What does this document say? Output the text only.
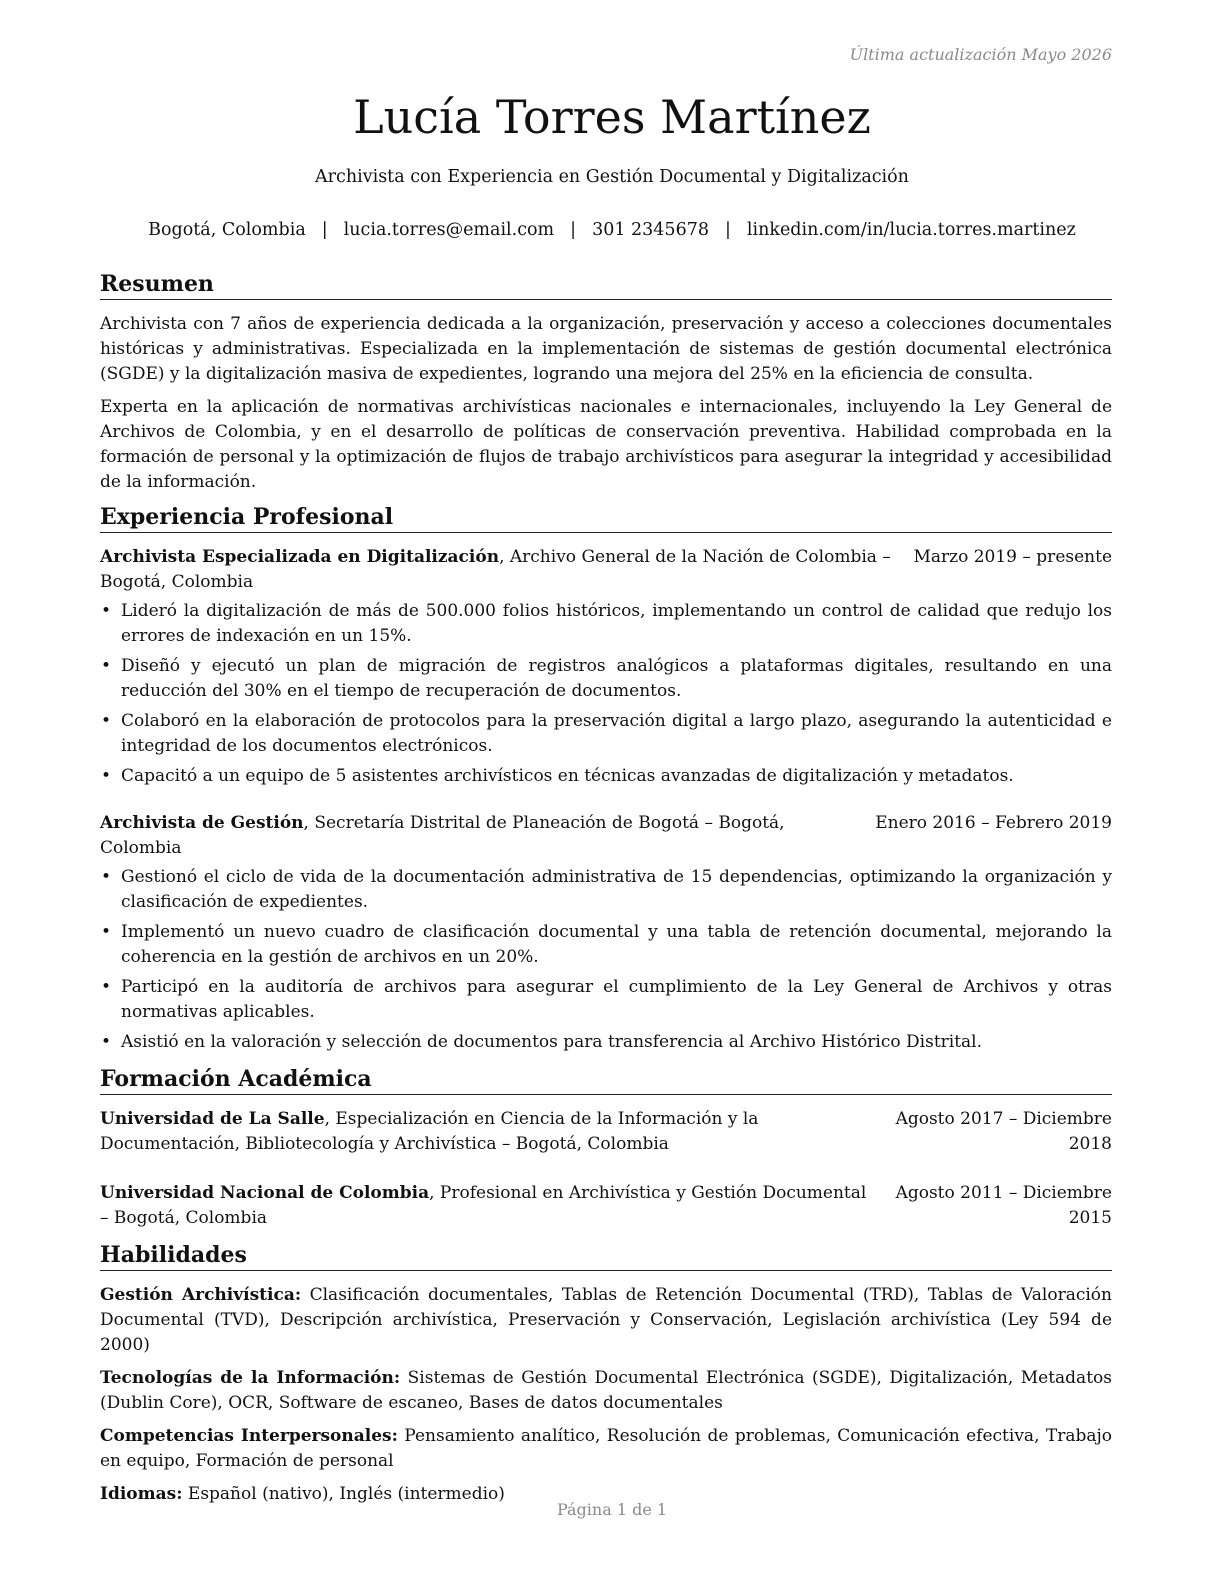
Última actualización Mayo 2026
Lucía Torres Martínez
Archivista con Experiencia en Gestión Documental y Digitalización
Bogotá, Colombia | lucia.torres@email.com | 301 2345678 | linkedin.com/in/lucia.torres.martinez
Resumen

Archivista con 7 años de experiencia dedicada a la organización, preservación y acceso a colecciones documentales históricas y administrativas. Especializada en la implementación de sistemas de gestión documental electrónica (SGDE) y la digitalización masiva de expedientes, logrando una mejora del 25% en la eficiencia de consulta.

Experta en la aplicación de normativas archivísticas nacionales e internacionales, incluyendo la Ley General de Archivos de Colombia, y en el desarrollo de políticas de conservación preventiva. Habilidad comprobada en la formación de personal y la optimización de flujos de trabajo archivísticos para asegurar la integridad y accesibilidad de la información.

Experiencia Profesional
Archivista Especializada en Digitalización, Archivo General de la Nación de Colombia – Bogotá, Colombia
Marzo 2019 – presente
• Lideró la digitalización de más de 500.000 folios históricos, implementando un control de calidad que redujo los errores de indexación en un 15%.
• Diseñó y ejecutó un plan de migración de registros analógicos a plataformas digitales, resultando en una reducción del 30% en el tiempo de recuperación de documentos.
• Colaboró en la elaboración de protocolos para la preservación digital a largo plazo, asegurando la autenticidad e integridad de los documentos electrónicos.
• Capacitó a un equipo de 5 asistentes archivísticos en técnicas avanzadas de digitalización y metadatos.
Archivista de Gestión, Secretaría Distrital de Planeación de Bogotá – Bogotá, Colombia
Enero 2016 – Febrero 2019
• Gestionó el ciclo de vida de la documentación administrativa de 15 dependencias, optimizando la organización y clasificación de expedientes.
• Implementó un nuevo cuadro de clasificación documental y una tabla de retención documental, mejorando la coherencia en la gestión de archivos en un 20%.
• Participó en la auditoría de archivos para asegurar el cumplimiento de la Ley General de Archivos y otras normativas aplicables.
• Asistió en la valoración y selección de documentos para transferencia al Archivo Histórico Distrital.
Formación Académica
Universidad de La Salle, Especialización en Ciencia de la Información y la Documentación, Bibliotecología y Archivística – Bogotá, Colombia
Agosto 2017 – Diciembre 2018
Universidad Nacional de Colombia, Profesional en Archivística y Gestión Documental – Bogotá, Colombia
Agosto 2011 – Diciembre 2015
Habilidades
Gestión Archivística: Clasificación documentales, Tablas de Retención Documental (TRD), Tablas de Valoración Documental (TVD), Descripción archivística, Preservación y Conservación, Legislación archivística (Ley 594 de 2000)
Tecnologías de la Información: Sistemas de Gestión Documental Electrónica (SGDE), Digitalización, Metadatos (Dublin Core), OCR, Software de escaneo, Bases de datos documentales
Competencias Interpersonales: Pensamiento analítico, Resolución de problemas, Comunicación efectiva, Trabajo en equipo, Formación de personal
Idiomas: Español (nativo), Inglés (intermedio)
Página 1 de 1
